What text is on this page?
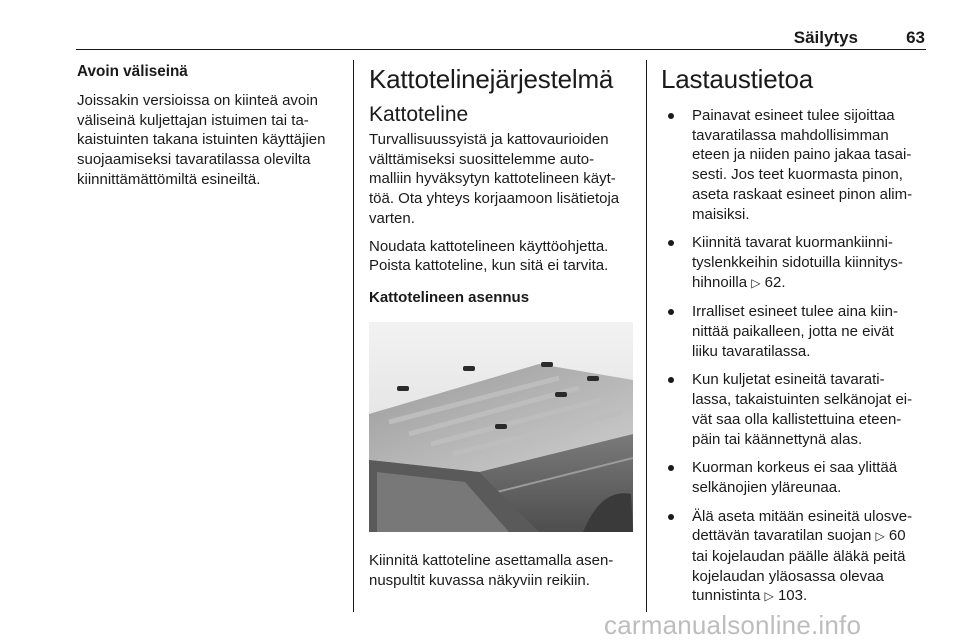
Säilytys	63
Avoin väliseinä
Joissakin versioissa on kiinteä avoin
väliseinä kuljettajan istuimen tai ta-
kaistuinten takana istuinten käyttäjien
suojaamiseksi tavaratilassa olevilta
kiinnittämättömiltä esineiltä.
Kattotelinejärjestelmä
Kattoteline
Turvallisuussyistä ja kattovaurioiden
välttämiseksi suosittelemme auto-
malliin hyväksytyn kattotelineen käyt-
töä. Ota yhteys korjaamoon lisätietoja
varten.
Noudata kattotelineen käyttöohjetta.
Poista kattoteline, kun sitä ei tarvita.
Kattotelineen asennus
Kiinnitä kattoteline asettamalla asen-
nuspultit kuvassa näkyviin reikiin.
Lastaustietoa
Painavat esineet tulee sijoittaa
tavaratilassa mahdollisimman
eteen ja niiden paino jakaa tasai-
sesti. Jos teet kuormasta pinon,
aseta raskaat esineet pinon alim-
maisiksi.
Kiinnitä tavarat kuormankiinni-
tyslenkkeihin sidotuilla kiinnitys-
hihnoilla ▷ 62.
Irralliset esineet tulee aina kiin-
nittää paikalleen, jotta ne eivät
liiku tavaratilassa.
Kun kuljetat esineitä tavarati-
lassa, takaistuinten selkänojat ei-
vät saa olla kallistettuina eteen-
päin tai käännettynä alas.
Kuorman korkeus ei saa ylittää
selkänojien yläreunaa.
Älä aseta mitään esineitä ulosve-
dettävän tavaratilan suojan ▷ 60
tai kojelaudan päälle äläkä peitä
kojelaudan yläosassa olevaa
tunnistinta ▷ 103.
carmanualsonline.info
